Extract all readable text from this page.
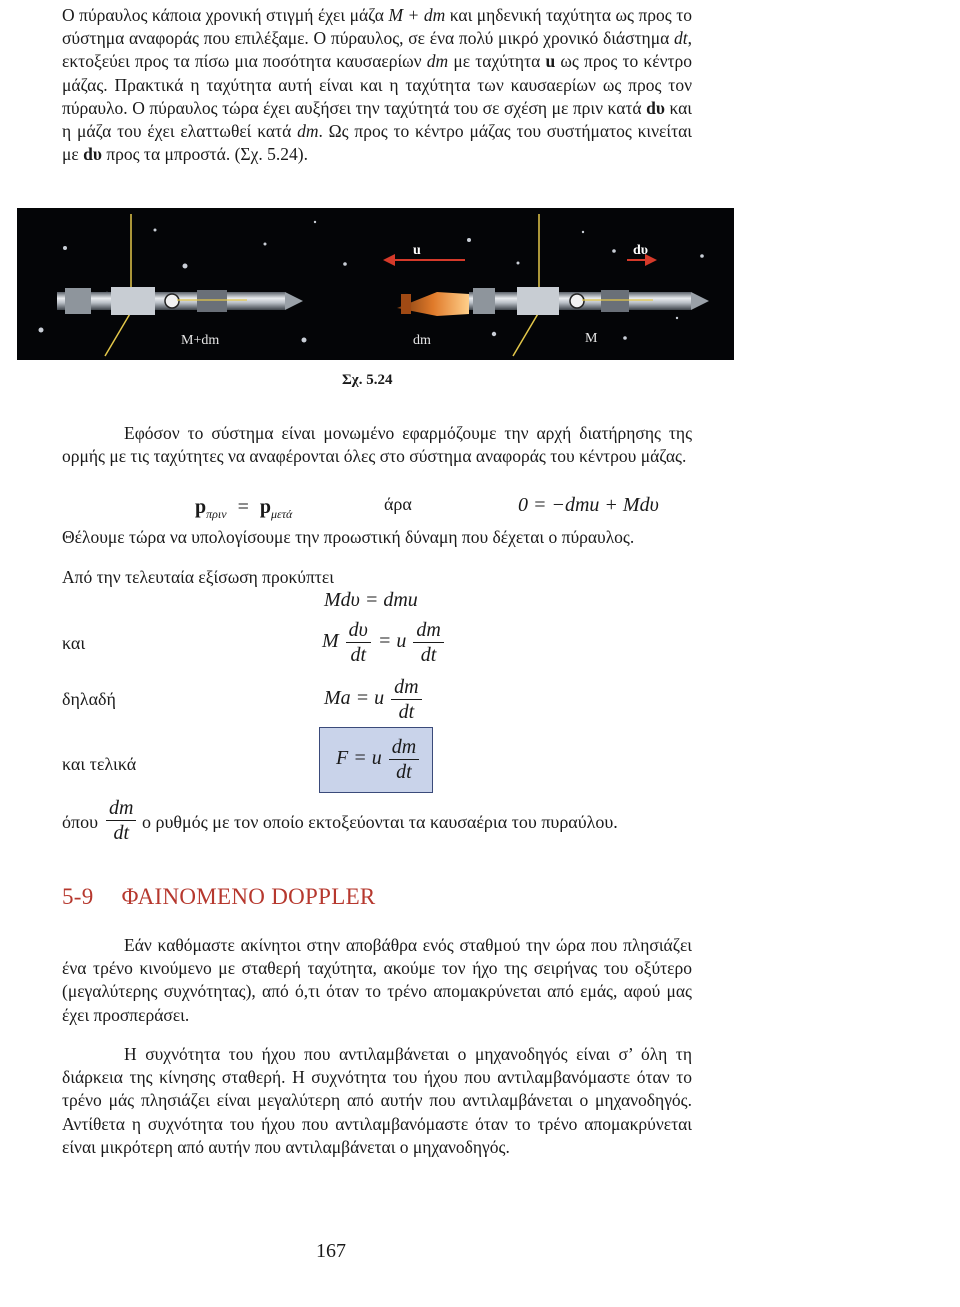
Ο πύραυλος κάποια χρονική στιγμή έχει μάζα M + dm και μηδενική ταχύτητα ως προς το σύστημα αναφοράς που επιλέξαμε. Ο πύραυλος, σε ένα πολύ μικρό χρονικό διάστημα dt, εκτοξεύει προς τα πίσω μια ποσότητα καυσαερίων dm με ταχύτητα u ως προς το κέντρο μάζας. Πρακτικά η ταχύτητα αυτή είναι και η ταχύτητα των καυσαερίων ως προς τον πύραυλο. Ο πύραυλος τώρα έχει αυξήσει την ταχύτητά του σε σχέση με πριν κατά dυ και η μάζα του έχει ελαττωθεί κατά dm. Ως προς το κέντρο μάζας του συστήματος κινείται με dυ προς τα μπροστά. (Σχ. 5.24).

u	dυ
M+dm	dm	M
Σχ. 5.24

Εφόσον το σύστημα είναι μονωμένο εφαρμόζουμε την αρχή διατήρησης της ορμής με τις ταχύτητες να αναφέρονται όλες στο σύστημα αναφοράς του κέντρου μάζας.

$p_{\pi\rho\iota\nu} = p_{\mu\varepsilon\tau ά}$	άρα	0 = −dmu + Mdυ

Θέλουμε τώρα να υπολογίσουμε την προωστική δύναμη που δέχεται ο πύραυλος.

Από την τελευταία εξίσωση προκύπτει

Mdυ = dmu
και	M $\frac{d\upsilon}{dt} = u \frac{dm}{dt}$
δηλαδή	Ma = u $\frac{dm}{dt}$
και τελικά	F = u $\frac{dm}{dt}$
όπου $\frac{dm}{dt}$ ο ρυθμός με τον οποίο εκτοξεύονται τα καυσαέρια του πυραύλου.
5-9 ΦΑΙΝΟΜΕΝΟ DOPPLER

Εάν καθόμαστε ακίνητοι στην αποβάθρα ενός σταθμού την ώρα που πλησιάζει ένα τρένο κινούμενο με σταθερή ταχύτητα, ακούμε τον ήχο της σειρήνας του οξύτερο (μεγαλύτερης συχνότητας), από ό,τι όταν το τρένο απομακρύνεται από εμάς, αφού μας έχει προσπεράσει.

Η συχνότητα του ήχου που αντιλαμβάνεται ο μηχανοδηγός είναι σ’ όλη τη διάρκεια της κίνησης σταθερή. Η συχνότητα του ήχου που αντιλαμβανόμαστε όταν το τρένο μάς πλησιάζει είναι μεγαλύτερη από αυτήν που αντιλαμβάνεται ο μηχανοδηγός. Αντίθετα η συχνότητα του ήχου που αντιλαμβανόμαστε όταν το τρένο απομακρύνεται είναι μικρότερη από αυτήν που αντιλαμβάνεται ο μηχανοδηγός.

167
